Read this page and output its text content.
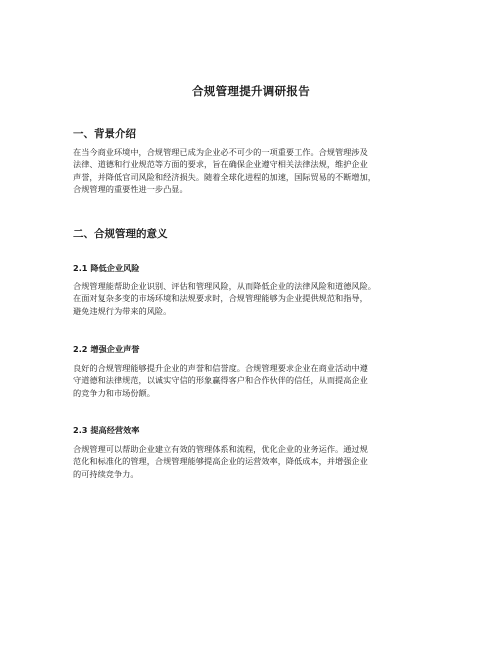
合规管理提升调研报告
一、背景介绍

在当今商业环境中，合规管理已成为企业必不可少的一项重要工作。合规管理涉及
法律、道德和行业规范等方面的要求，旨在确保企业遵守相关法律法规，维护企业
声誉，并降低官司风险和经济损失。随着全球化进程的加速，国际贸易的不断增加，
合规管理的重要性进一步凸显。

二、合规管理的意义
2.1 降低企业风险

合规管理能帮助企业识别、评估和管理风险，从而降低企业的法律风险和道德风险。
在面对复杂多变的市场环境和法规要求时，合规管理能够为企业提供规范和指导，
避免违规行为带来的风险。

2.2 增强企业声誉

良好的合规管理能够提升企业的声誉和信誉度。合规管理要求企业在商业活动中遵
守道德和法律规范，以诚实守信的形象赢得客户和合作伙伴的信任，从而提高企业
的竞争力和市场份额。

2.3 提高经营效率

合规管理可以帮助企业建立有效的管理体系和流程，优化企业的业务运作。通过规
范化和标准化的管理，合规管理能够提高企业的运营效率，降低成本，并增强企业
的可持续竞争力。
